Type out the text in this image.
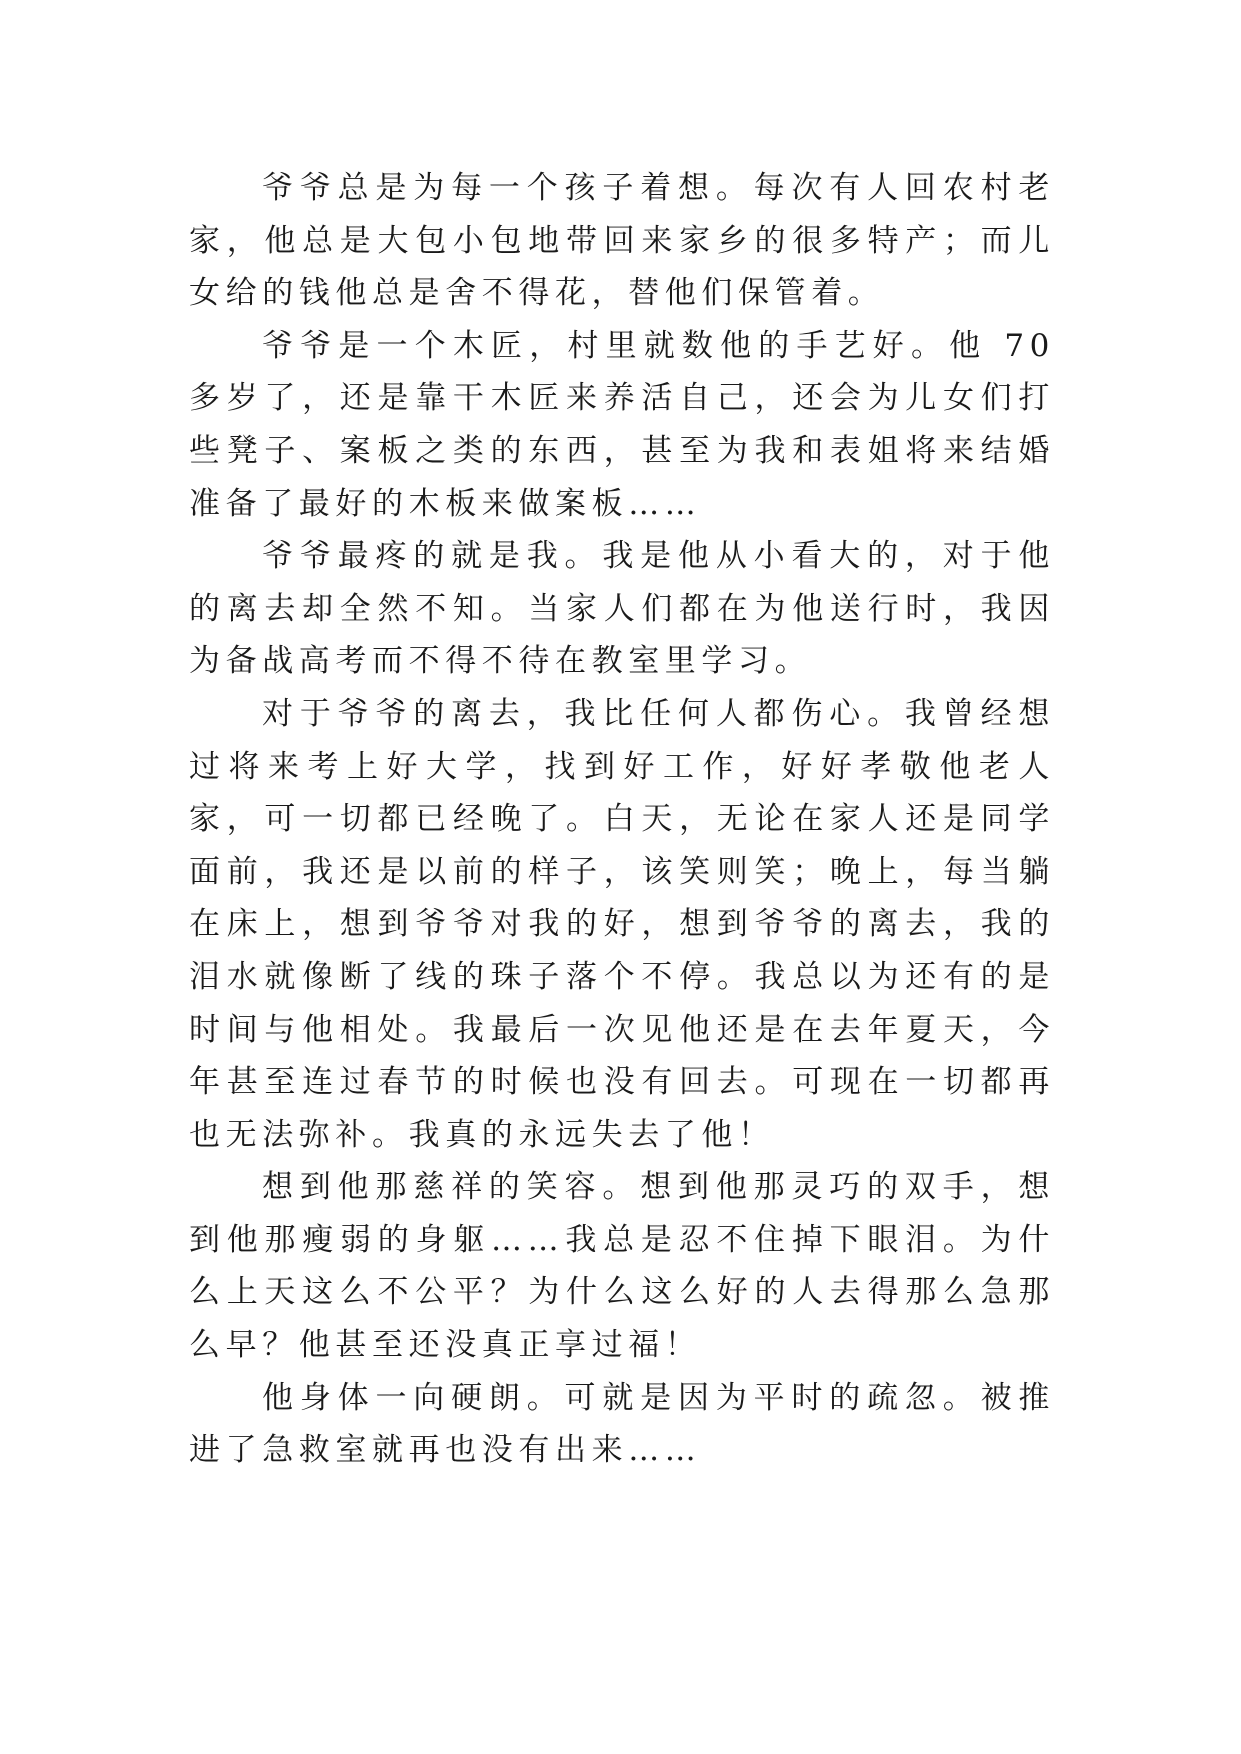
爷爷总是为每一个孩子着想。每次有人回农村老家，他总是大包小包地带回来家乡的很多特产；而儿女给的钱他总是舍不得花，替他们保管着。

爷爷是一个木匠，村里就数他的手艺好。他 70 多岁了，还是靠干木匠来养活自己，还会为儿女们打些凳子、案板之类的东西，甚至为我和表姐将来结婚准备了最好的木板来做案板……

爷爷最疼的就是我。我是他从小看大的，对于他的离去却全然不知。当家人们都在为他送行时，我因为备战高考而不得不待在教室里学习。

对于爷爷的离去，我比任何人都伤心。我曾经想过将来考上好大学，找到好工作，好好孝敬他老人家，可一切都已经晚了。白天，无论在家人还是同学面前，我还是以前的样子，该笑则笑；晚上，每当躺在床上，想到爷爷对我的好，想到爷爷的离去，我的泪水就像断了线的珠子落个不停。我总以为还有的是时间与他相处。我最后一次见他还是在去年夏天，今年甚至连过春节的时候也没有回去。可现在一切都再也无法弥补。我真的永远失去了他！

想到他那慈祥的笑容。想到他那灵巧的双手，想到他那瘦弱的身躯……我总是忍不住掉下眼泪。为什么上天这么不公平？为什么这么好的人去得那么急那么早？他甚至还没真正享过福！

他身体一向硬朗。可就是因为平时的疏忽。被推进了急救室就再也没有出来……
